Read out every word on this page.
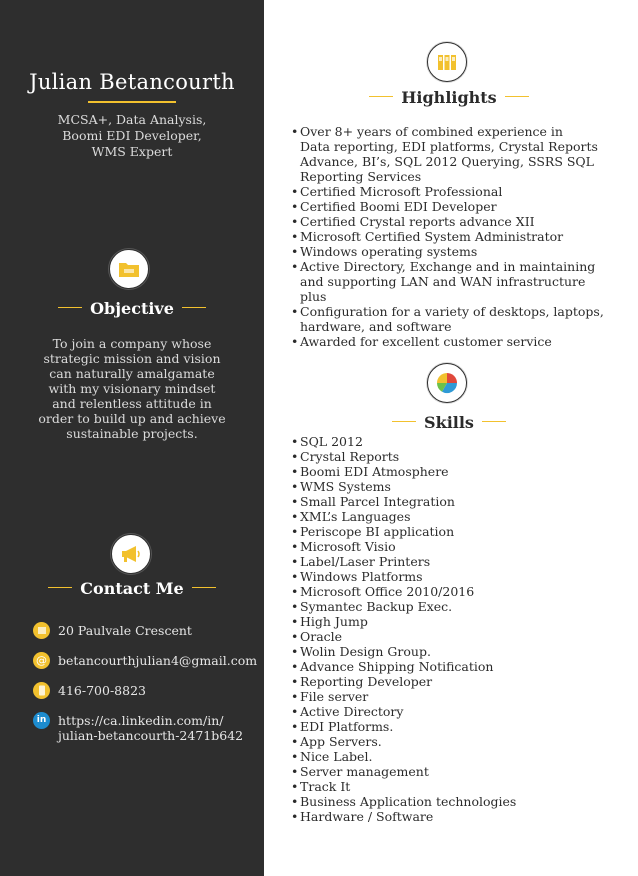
Julian Betancourth
MCSA+, Data Analysis,
Boomi EDI Developer,
WMS Expert
Objective
To join a company whose
strategic mission and vision
can naturally amalgamate
with my visionary mindset
and relentless attitude in
order to build up and achieve
sustainable projects.
Contact Me
20 Paulvale Crescent
@ betancourthjulian4@gmail.com
416-700-8823
in https://ca.linkedin.com/in/
julian-betancourth-2471b642
Highlights
Skills
• Over 8+ years of combined experience in
Data reporting, EDI platforms, Crystal Reports
Advance, BI’s, SQL 2012 Querying, SSRS SQL
Reporting Services
• Certified Microsoft Professional
• Certified Boomi EDI Developer
• Certified Crystal reports advance XII
• Microsoft Certified System Administrator
• Windows operating systems
• Active Directory, Exchange and in maintaining
and supporting LAN and WAN infrastructure plus
• Configuration for a variety of desktops, laptops,
hardware, and software
• Awarded for excellent customer service
• SQL 2012
• Crystal Reports
• Boomi EDI Atmosphere
• WMS Systems
• Small Parcel Integration
• XML’s Languages
• Periscope BI application
• Microsoft Visio
• Label/Laser Printers
• Windows Platforms
• Microsoft Office 2010/2016
• Symantec Backup Exec.
• High Jump
• Oracle
• Wolin Design Group.
• Advance Shipping Notification
• Reporting Developer
• File server
• Active Directory
• EDI Platforms.
• App Servers.
• Nice Label.
• Server management
• Track It
• Business Application technologies
• Hardware / Software
